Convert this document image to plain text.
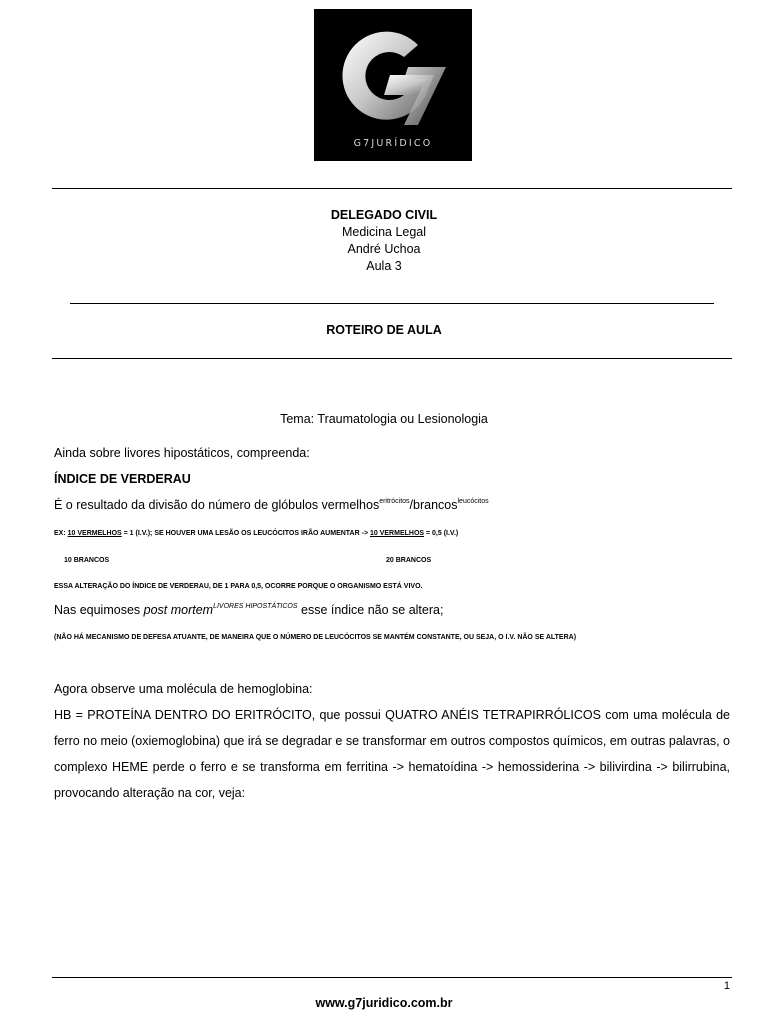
G7JURÍDICO
DELEGADO CIVIL
Medicina Legal
André Uchoa
Aula 3
ROTEIRO DE AULA
Tema: Traumatologia ou Lesionologia
Ainda sobre livores hipostáticos, compreenda:
ÍNDICE DE VERDERAU
É o resultado da divisão do número de glóbulos vermelhos$^{eritrócitos}$/brancos$^{leucócitos}$
EX: 10 VERMELHOS = 1 (I.V.); SE HOUVER UMA LESÃO OS LEUCÓCITOS IRÃO AUMENTAR -> 10 VERMELHOS = 0,5 (I.V.)
10 BRANCOS	20 BRANCOS
ESSA ALTERAÇÃO DO ÍNDICE DE VERDERAU, DE 1 PARA 0,5, OCORRE PORQUE O ORGANISMO ESTÁ VIVO.
Nas equimoses post mortem$^{LIVORES HIPOSTÁTICOS}$ esse índice não se altera;
(NÃO HÁ MECANISMO DE DEFESA ATUANTE, DE MANEIRA QUE O NÚMERO DE LEUCÓCITOS SE MANTÉM CONSTANTE, OU SEJA, O I.V. NÃO SE ALTERA)
Agora observe uma molécula de hemoglobina:
HB = PROTEÍNA DENTRO DO ERITRÓCITO, que possui QUATRO ANÉIS TETRAPIRRÓLICOS com uma molécula de ferro no meio (oxiemoglobina) que irá se degradar e se transformar em outros compostos químicos, em outras palavras, o complexo HEME perde o ferro e se transforma em ferritina -> hematoídina -> hemossiderina -> bilivirdina -> bilirrubina, provocando alteração na cor, veja:
1
www.g7juridico.com.br
